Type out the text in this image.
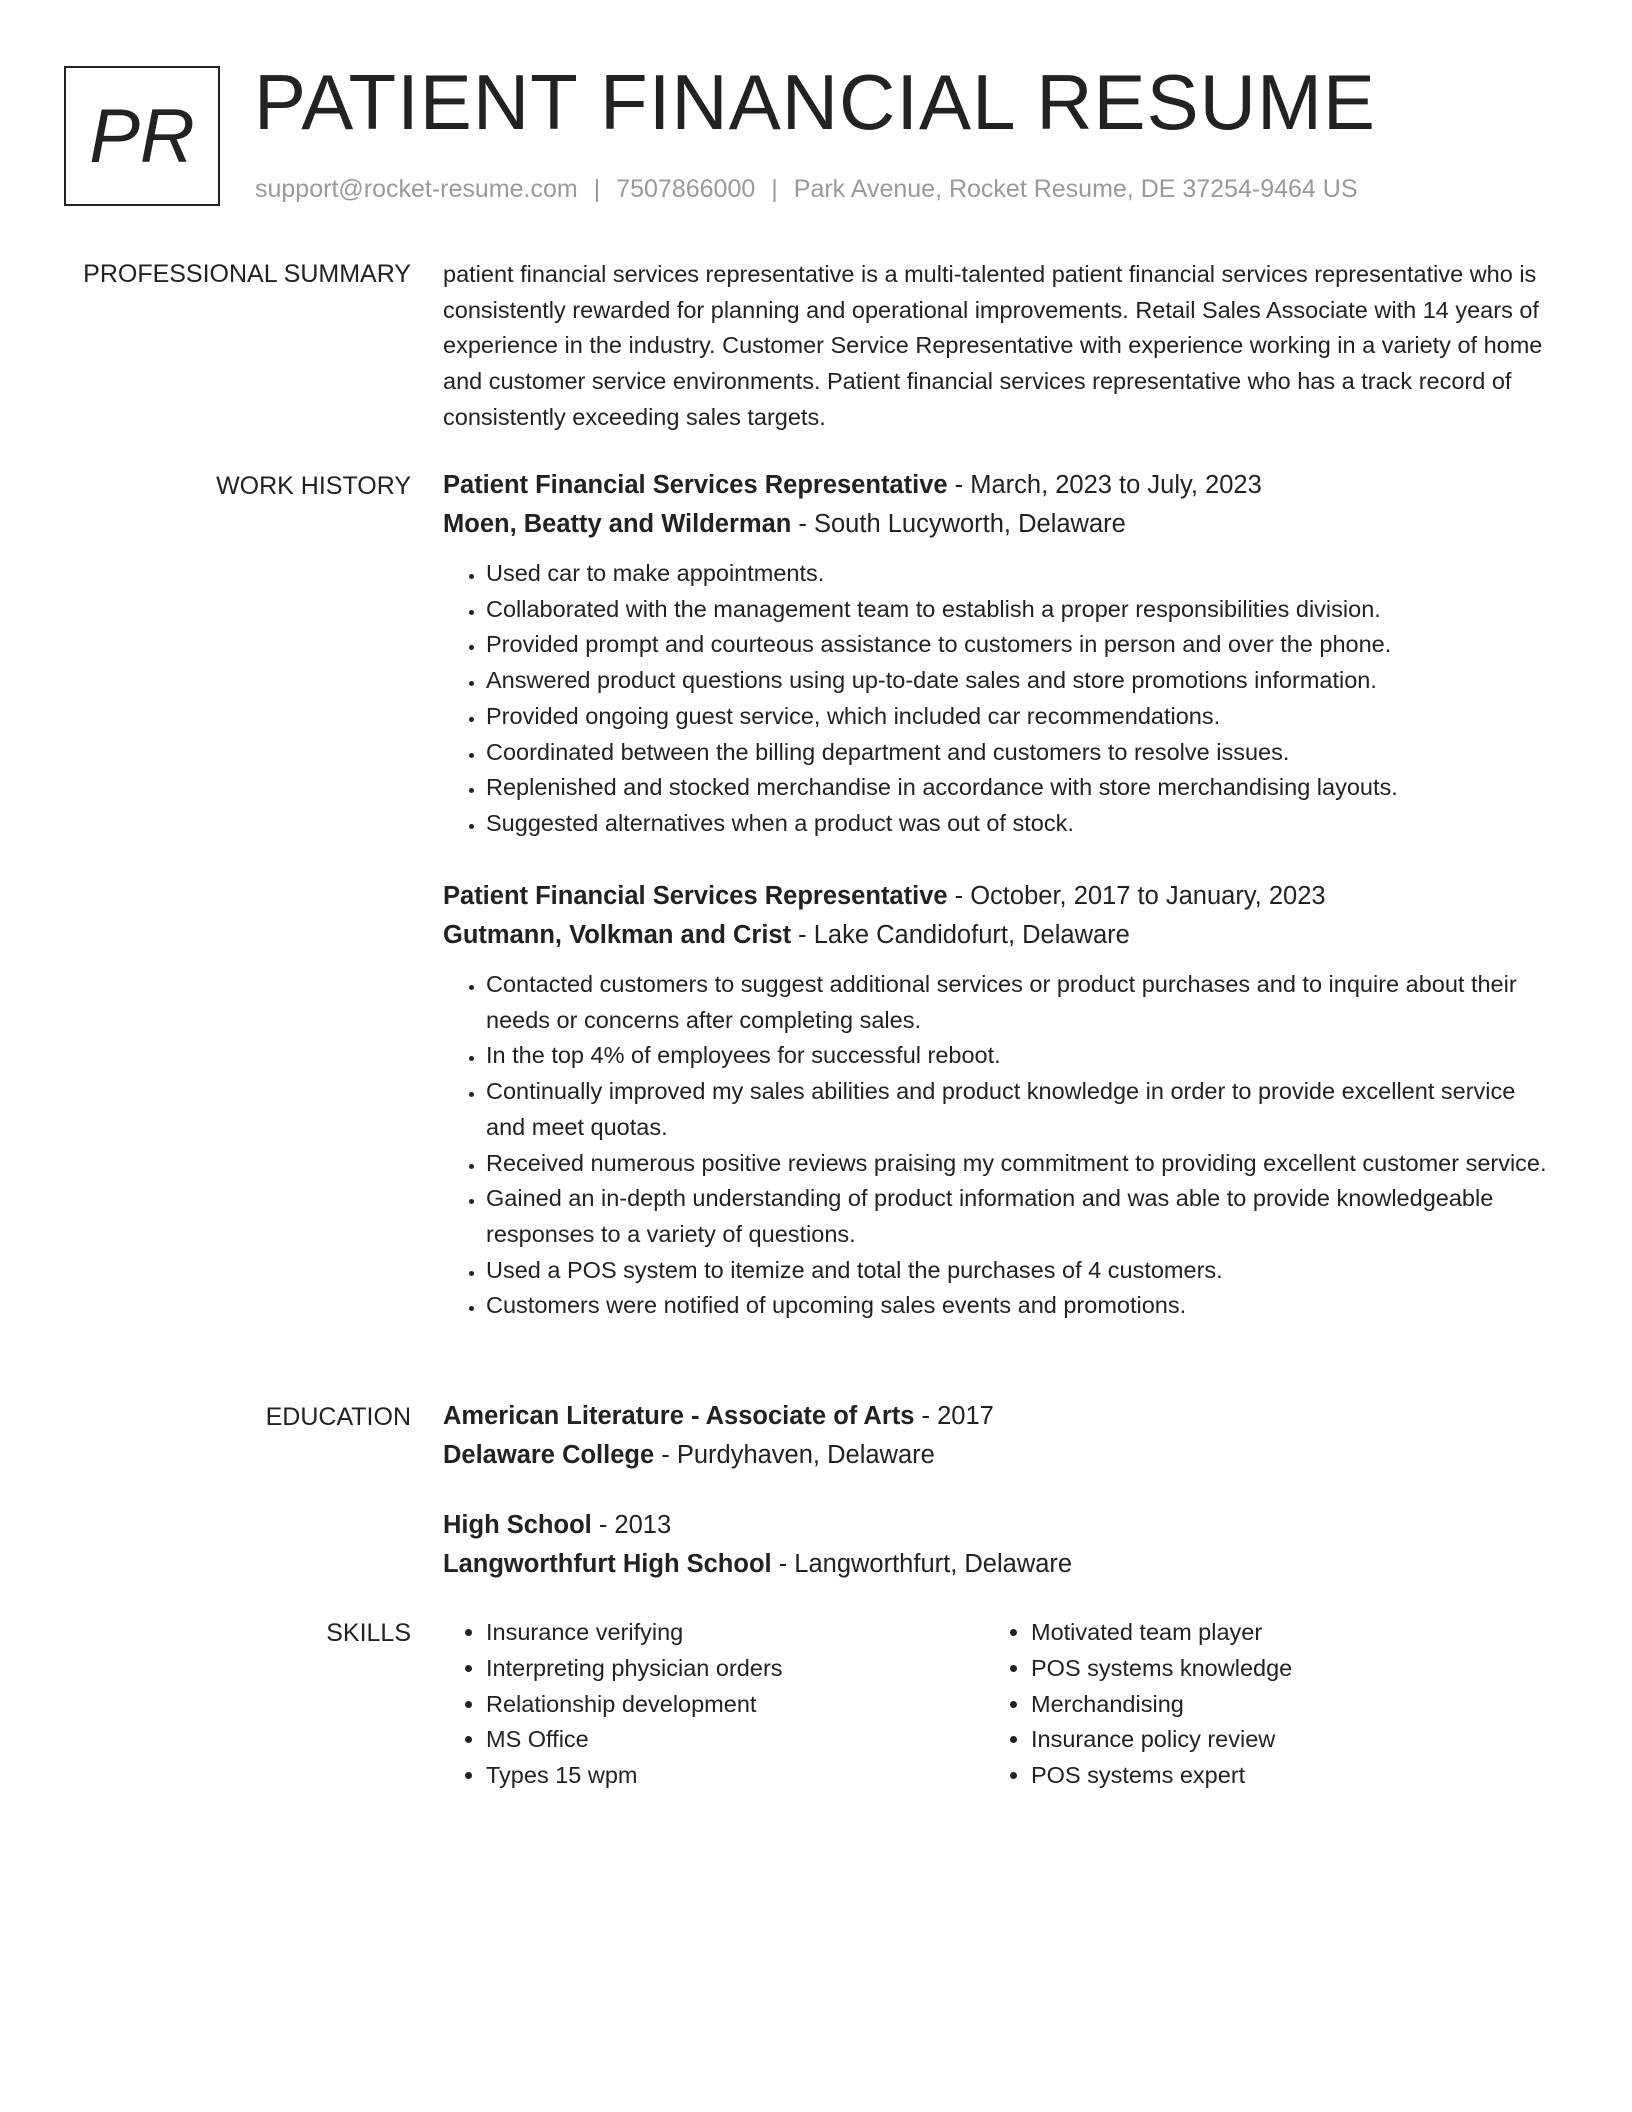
PR PATIENT FINANCIAL RESUME
support@rocket-resume.com | 7507866000 | Park Avenue, Rocket Resume, DE 37254-9464 US
PROFESSIONAL SUMMARY patient financial services representative is a multi-talented patient financial services representative who is consistently rewarded for planning and operational improvements. Retail Sales Associate with 14 years of experience in the industry. Customer Service Representative with experience working in a variety of home and customer service environments. Patient financial services representative who has a track record of consistently exceeding sales targets.

WORK HISTORY Patient Financial Services Representative - March, 2023 to July, 2023
Moen, Beatty and Wilderman - South Lucyworth, Delaware
• Used car to make appointments.
• Collaborated with the management team to establish a proper responsibilities division.
• Provided prompt and courteous assistance to customers in person and over the phone.
• Answered product questions using up-to-date sales and store promotions information.
• Provided ongoing guest service, which included car recommendations.
• Coordinated between the billing department and customers to resolve issues.
• Replenished and stocked merchandise in accordance with store merchandising layouts.
• Suggested alternatives when a product was out of stock.
Patient Financial Services Representative - October, 2017 to January, 2023
Gutmann, Volkman and Crist - Lake Candidofurt, Delaware
• Contacted customers to suggest additional services or product purchases and to inquire about their needs or concerns after completing sales.
• In the top 4% of employees for successful reboot.
• Continually improved my sales abilities and product knowledge in order to provide excellent service and meet quotas.
• Received numerous positive reviews praising my commitment to providing excellent customer service.
• Gained an in-depth understanding of product information and was able to provide knowledgeable responses to a variety of questions.
• Used a POS system to itemize and total the purchases of 4 customers.
• Customers were notified of upcoming sales events and promotions.
EDUCATION American Literature - Associate of Arts - 2017
Delaware College - Purdyhaven, Delaware
High School - 2013
Langworthfurt High School - Langworthfurt, Delaware
SKILLS
•	Insurance verifying
• Interpreting physician orders
• Relationship development
• MS Office
• Types 15 wpm
• Motivated team player
• POS systems knowledge
• Merchandising
• Insurance policy review
• POS systems expert
